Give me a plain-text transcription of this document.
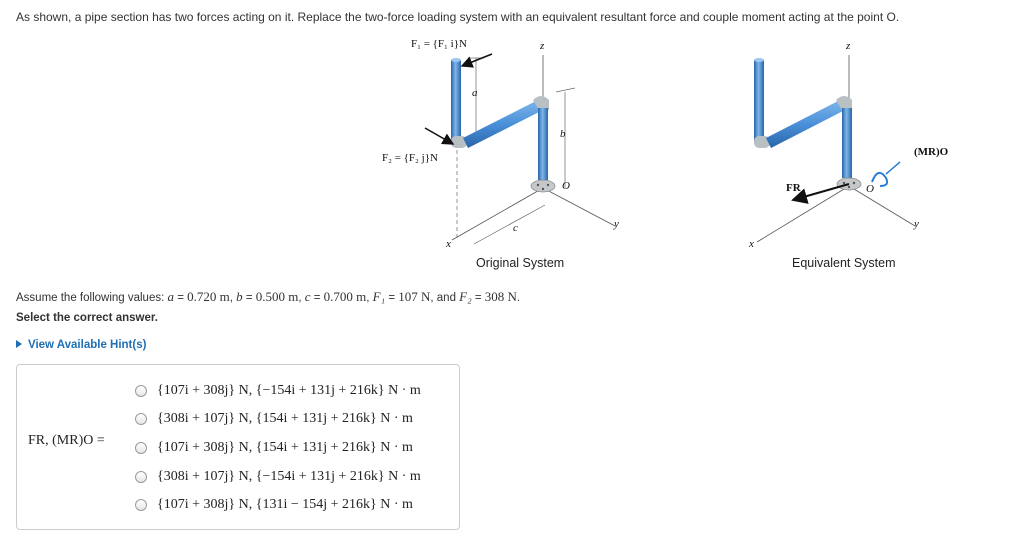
As shown, a pipe section has two forces acting on it. Replace the two-force loading system with an equivalent resultant force and couple moment acting at the point O.
F₁ = {F₁ i}N
F₂ = {F₂ j}N
a
b
c
z
y
x
O
Original System
z
y
x
O
FR
(MR)O
Equivalent System
Assume the following values: a = 0.720 m, b = 0.500 m, c = 0.700 m, F₁ = 107 N, and F₂ = 308 N.
Select the correct answer.
View Available Hint(s)
FR, (MR)O =
{107i + 308j} N, {−154i + 131j + 216k} N · m
{308i + 107j} N, {154i + 131j + 216k} N · m
{107i + 308j} N, {154i + 131j + 216k} N · m
{308i + 107j} N, {−154i + 131j + 216k} N · m
{107i + 308j} N, {131i − 154j + 216k} N · m
